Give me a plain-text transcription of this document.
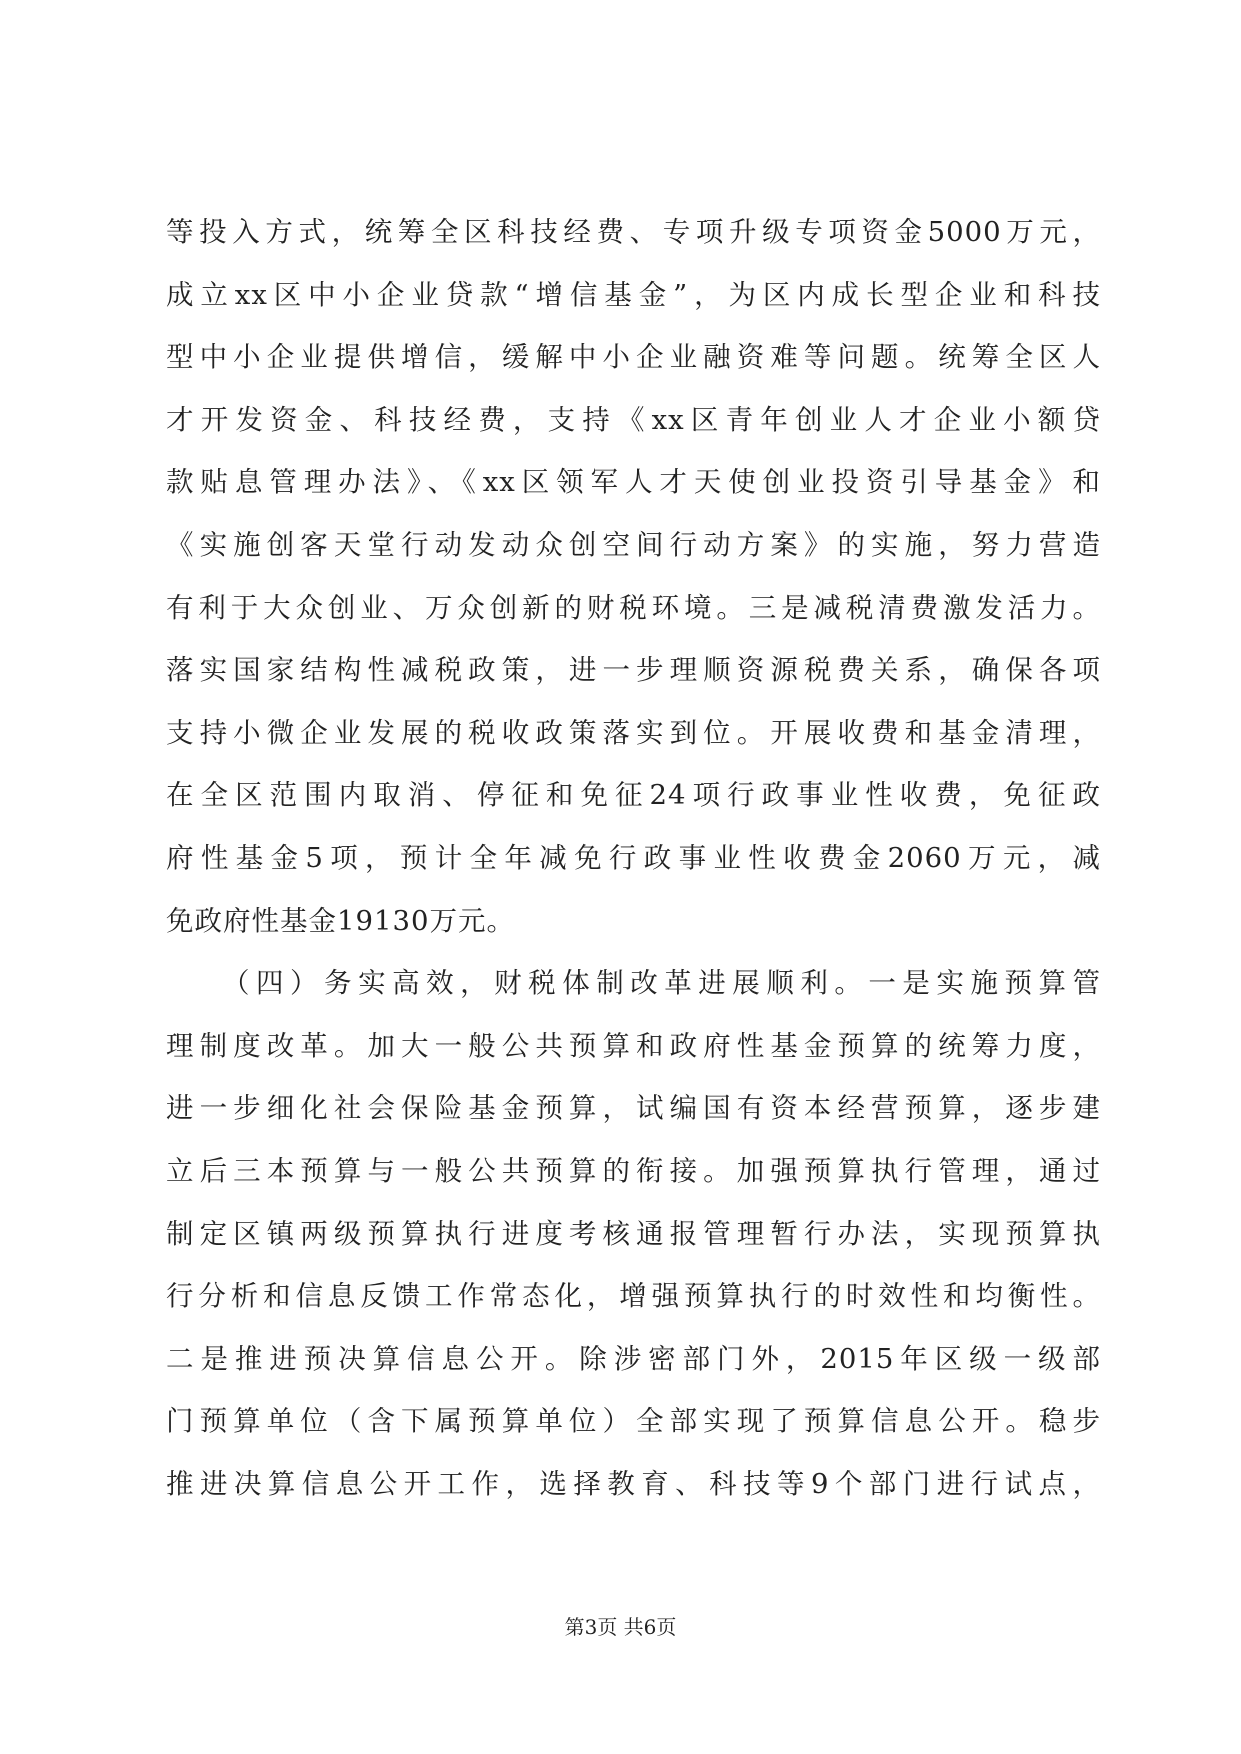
等投入方式，统筹全区科技经费、专项升级专项资金5000万元，
成立xx区中小企业贷款“增信基金”，为区内成长型企业和科技
型中小企业提供增信，缓解中小企业融资难等问题。统筹全区人
才开发资金、科技经费，支持《xx区青年创业人才企业小额贷
款贴息管理办法》、《xx区领军人才天使创业投资引导基金》和
《实施创客天堂行动发动众创空间行动方案》的实施，努力营造
有利于大众创业、万众创新的财税环境。三是减税清费激发活力。
落实国家结构性减税政策，进一步理顺资源税费关系，确保各项
支持小微企业发展的税收政策落实到位。开展收费和基金清理，
在全区范围内取消、停征和免征24项行政事业性收费，免征政
府性基金5项，预计全年减免行政事业性收费金2060万元，减
免政府性基金19130万元。
（四）务实高效，财税体制改革进展顺利。一是实施预算管
理制度改革。加大一般公共预算和政府性基金预算的统筹力度，
进一步细化社会保险基金预算，试编国有资本经营预算，逐步建
立后三本预算与一般公共预算的衔接。加强预算执行管理，通过
制定区镇两级预算执行进度考核通报管理暂行办法，实现预算执
行分析和信息反馈工作常态化，增强预算执行的时效性和均衡性。
二是推进预决算信息公开。除涉密部门外，2015年区级一级部
门预算单位（含下属预算单位）全部实现了预算信息公开。稳步
推进决算信息公开工作，选择教育、科技等9个部门进行试点，
第3页 共6页
